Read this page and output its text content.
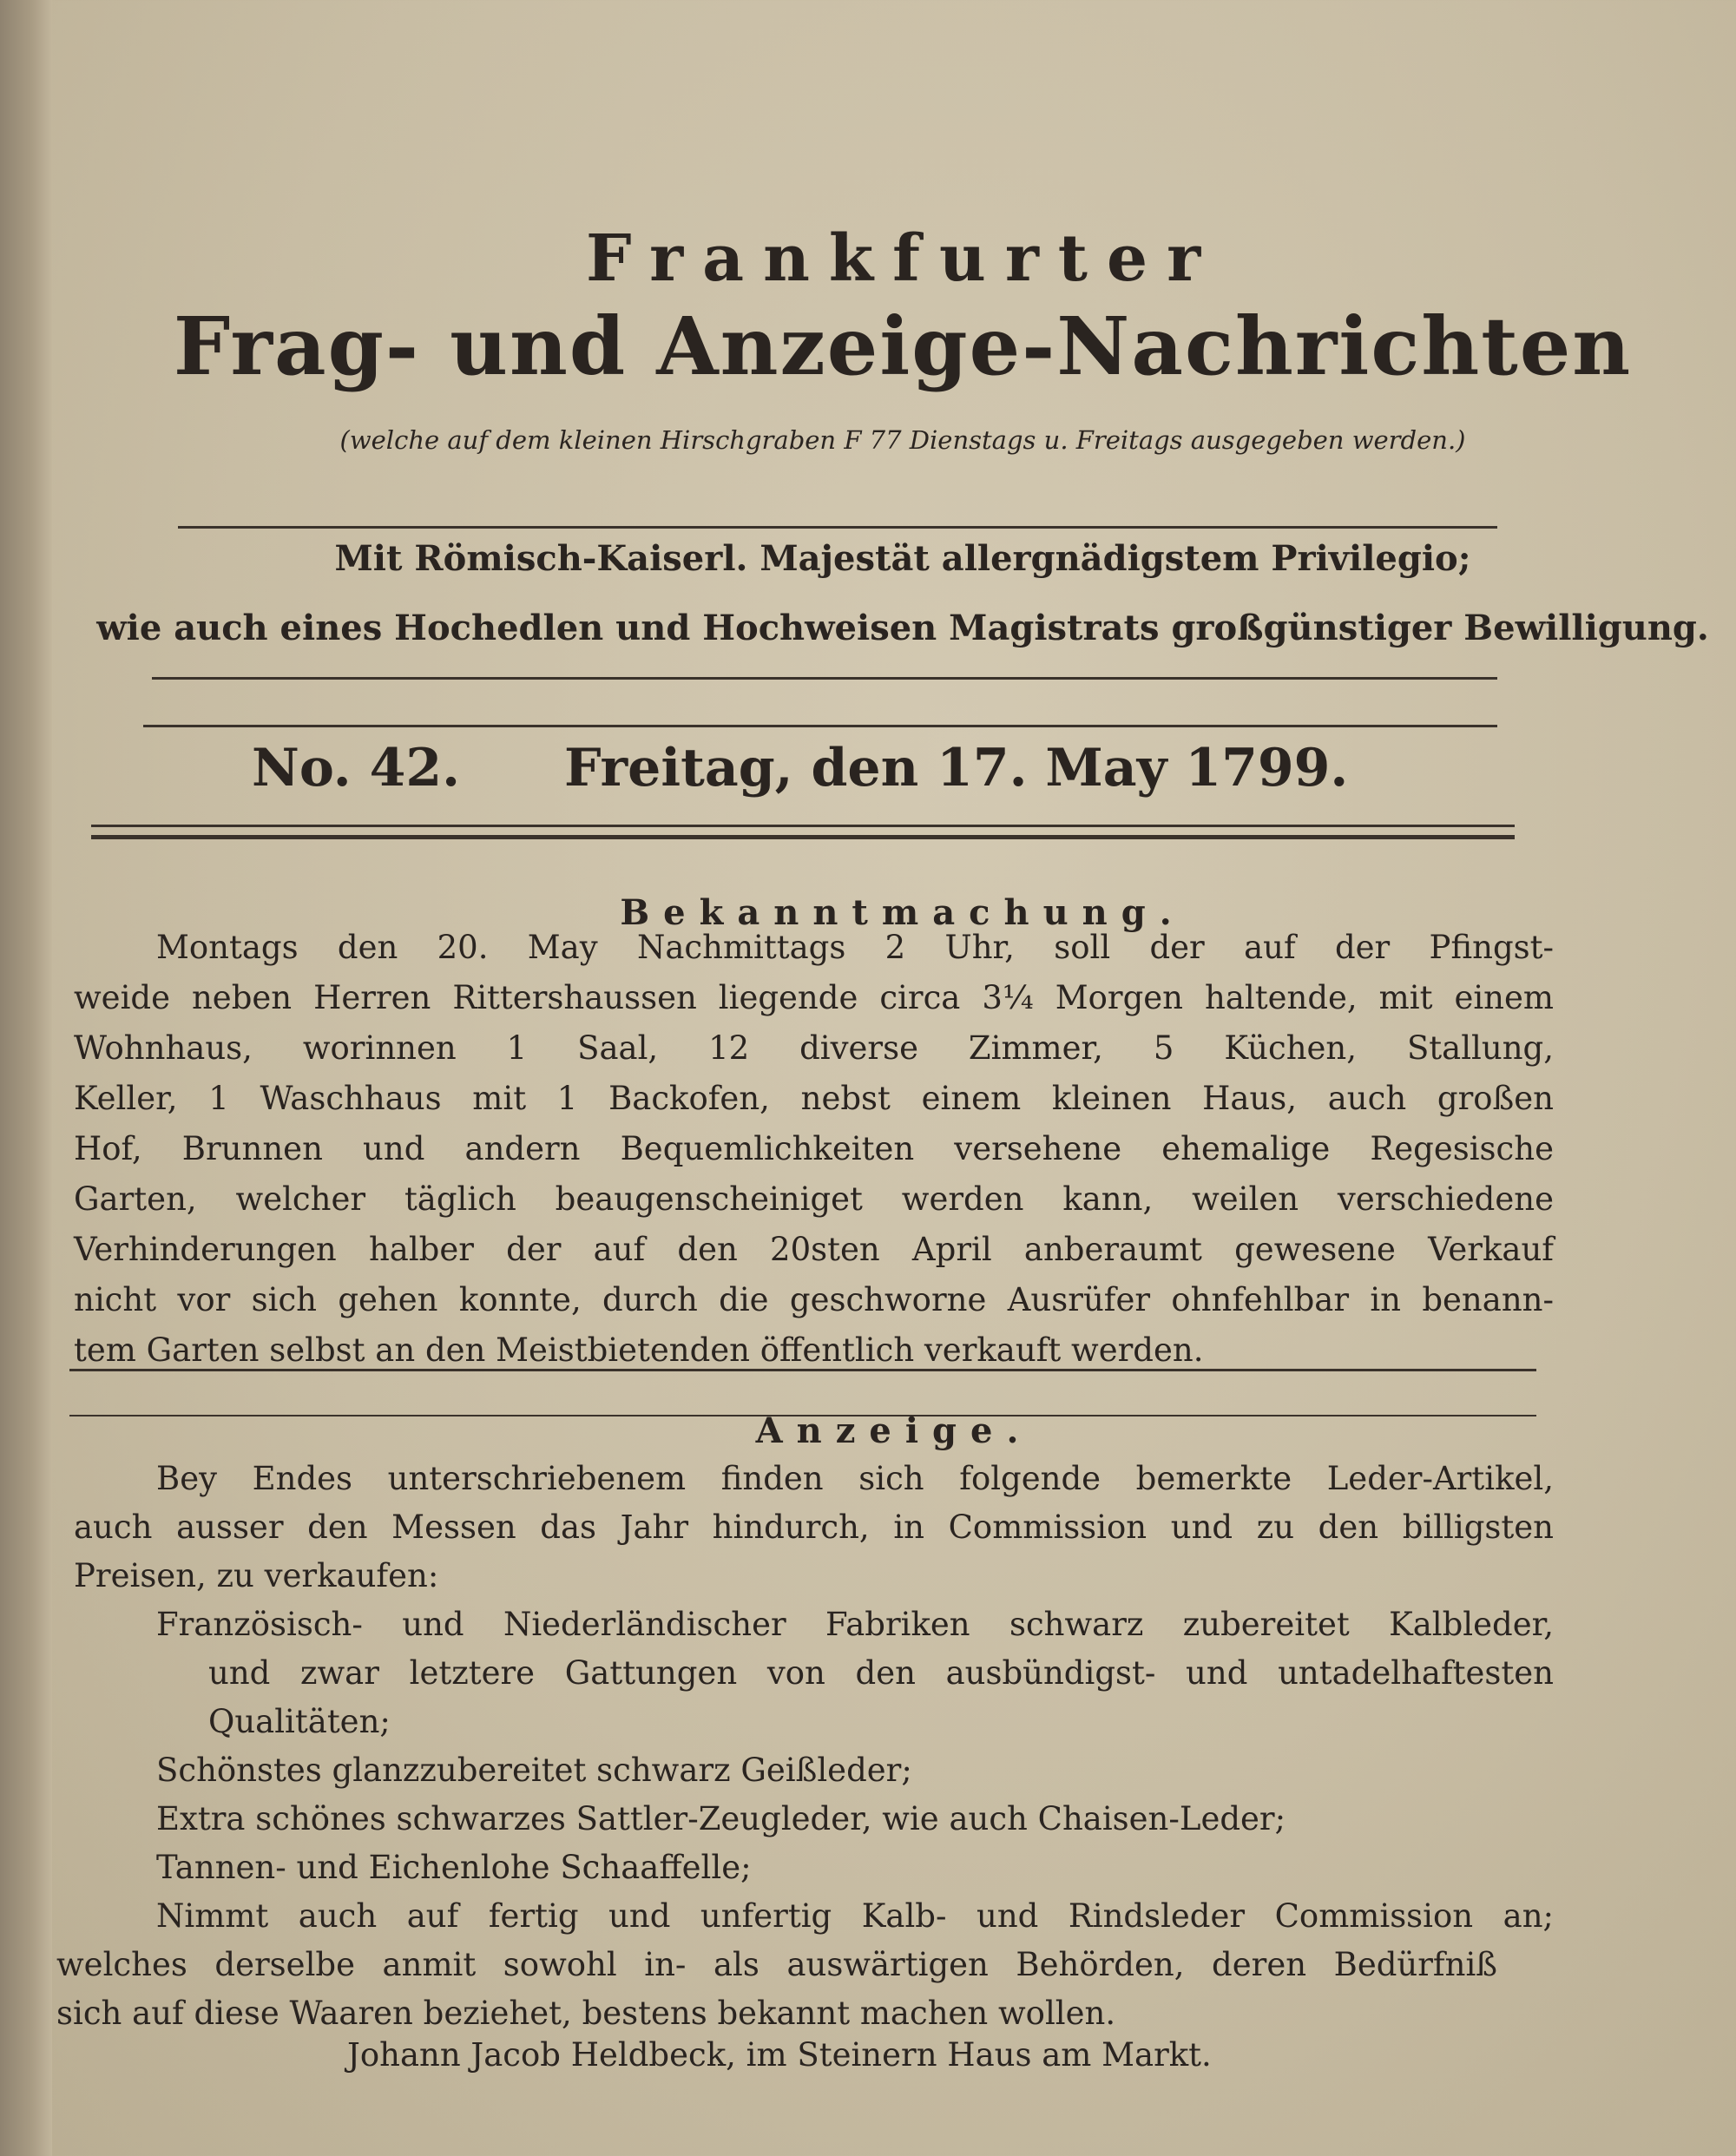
Frankfurter
Frag- und Anzeige-Nachrichten
(welche auf dem kleinen Hirschgraben F 77 Dienstags u. Freitags ausgegeben werden.)
Mit Römisch-Kaiserl. Majestät allergnädigstem Privilegio;
wie auch eines Hochedlen und Hochweisen Magistrats großgünstiger Bewilligung.
No. 42. Freitag, den 17. May 1799.
Bekanntmachung.
Montags den 20. May Nachmittags 2 Uhr, soll der auf der Pfingst-
weide neben Herren Rittershaussen liegende circa 3¼ Morgen haltende, mit einem
Wohnhaus, worinnen 1 Saal, 12 diverse Zimmer, 5 Küchen, Stallung,
Keller, 1 Waschhaus mit 1 Backofen, nebst einem kleinen Haus, auch großen
Hof, Brunnen und andern Bequemlichkeiten versehene ehemalige Regesische
Garten, welcher täglich beaugenscheiniget werden kann, weilen verschiedene
Verhinderungen halber der auf den 20sten April anberaumt gewesene Verkauf
nicht vor sich gehen konnte, durch die geschworne Ausrüfer ohnfehlbar in benann-
tem Garten selbst an den Meistbietenden öffentlich verkauft werden.
Anzeige.
Bey Endes unterschriebenem finden sich folgende bemerkte Leder-Artikel,
auch ausser den Messen das Jahr hindurch, in Commission und zu den billigsten
Preisen, zu verkaufen:
Französisch- und Niederländischer Fabriken schwarz zubereitet Kalbleder,
und zwar letztere Gattungen von den ausbündigst- und untadelhaftesten
Qualitäten;
Schönstes glanzzubereitet schwarz Geißleder;
Extra schönes schwarzes Sattler-Zeugleder, wie auch Chaisen-Leder;
Tannen- und Eichenlohe Schaaffelle;
Nimmt auch auf fertig und unfertig Kalb- und Rindsleder Commission an;
welches derselbe anmit sowohl in- als auswärtigen Behörden, deren Bedürfniß
sich auf diese Waaren beziehet, bestens bekannt machen wollen.
Johann Jacob Heldbeck, im Steinern Haus am Markt.
